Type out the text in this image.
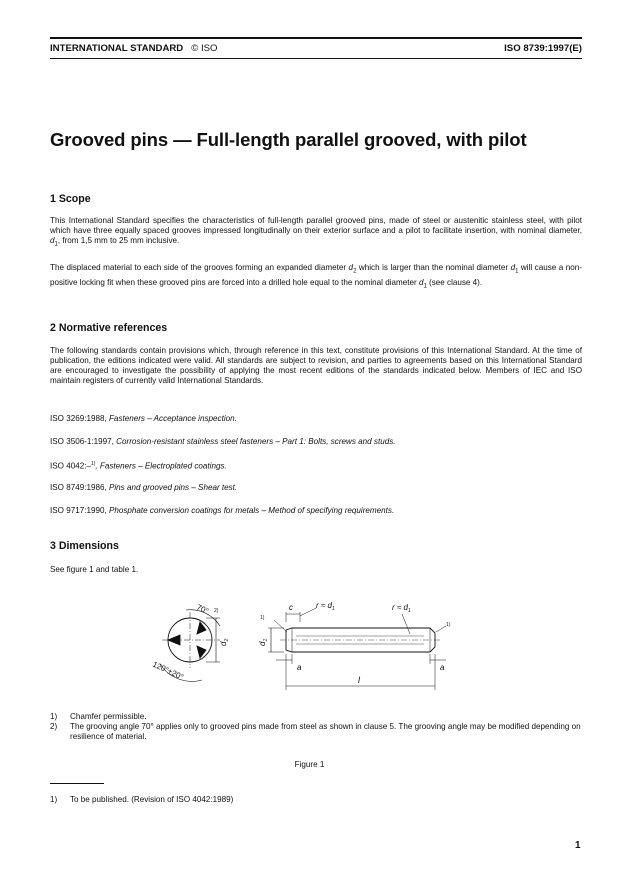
INTERNATIONAL STANDARD © ISO	ISO 8739:1997(E)
Grooved pins — Full-length parallel grooved, with pilot
1 Scope

This International Standard specifies the characteristics of full-length parallel grooved pins, made of steel or austenitic stainless steel, with pilot which have three equally spaced grooves impressed longitudinally on their exterior surface and a pilot to facilitate insertion, with nominal diameter, $d_1$, from 1,5 mm to 25 mm inclusive.

The displaced material to each side of the grooves forming an expanded diameter $d_2$ which is larger than the nominal diameter $d_1$ will cause a non-positive locking fit when these grooved pins are forced into a drilled hole equal to the nominal diameter $d_1$ (see clause 4).

2 Normative references

The following standards contain provisions which, through reference in this text, constitute provisions of this International Standard. At the time of publication, the editions indicated were valid. All standards are subject to revision, and parties to agreements based on this International Standard are encouraged to investigate the possibility of applying the most recent editions of the standards indicated below. Members of IEC and ISO maintain registers of currently valid International Standards.

ISO 3269:1988, Fasteners – Acceptance inspection.

ISO 3506-1:1997, Corrosion-resistant stainless steel fasteners – Part 1: Bolts, screws and studs.

ISO 4042:–$^{1)}$, Fasteners – Electroplated coatings.

ISO 8749:1986, Pins and grooved pins – Shear test.

ISO 9717:1990, Phosphate conversion coatings for metals – Method of specifying requirements.

3 Dimensions

See figure 1 and table 1.

70° 2)
120°±20°
$d_2$
c	$r \approx d_1$	$r \approx d_1$
1)
1)
$d_1$
a	a
l
1) Chamfer permissible.
2) The grooving angle 70° applies only to grooved pins made from steel as shown in clause 5. The grooving angle may be modified depending on resilience of material.
Figure 1
1) To be published. (Revision of ISO 4042:1989)
1
